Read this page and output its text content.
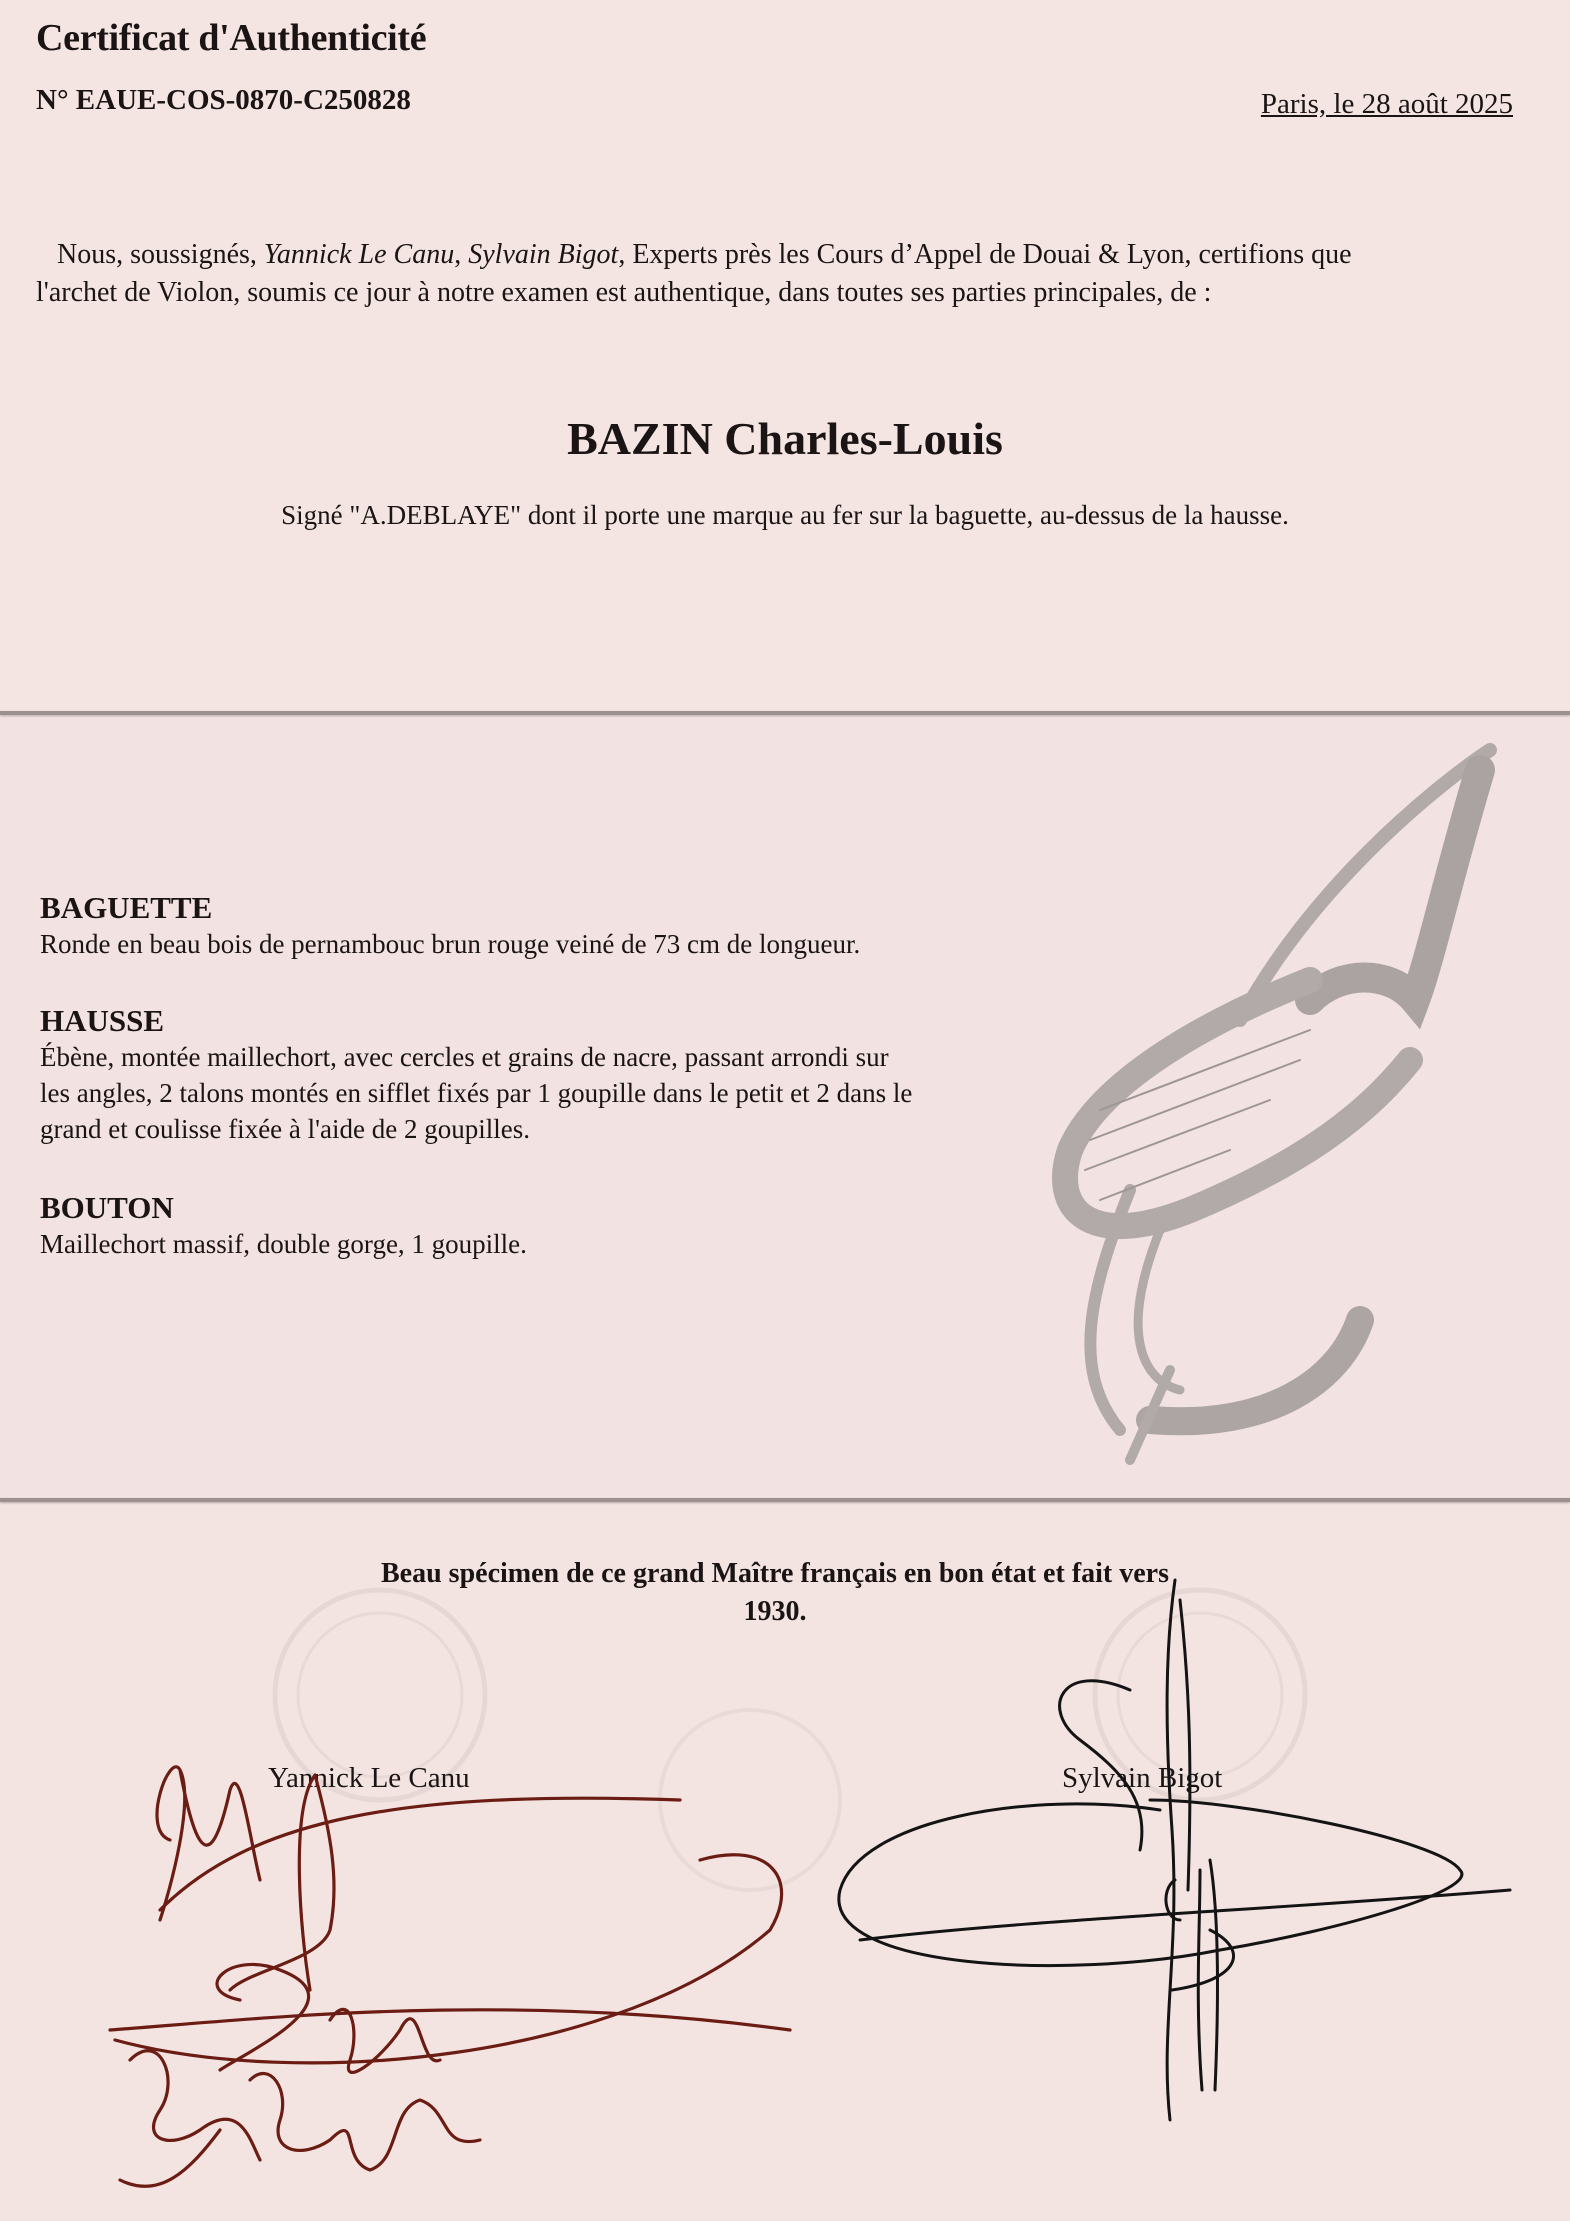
Certificat d'Authenticité
N° EAUE-COS-0870-C250828	Paris, le 28 août 2025

Nous, soussignés, Yannick Le Canu, Sylvain Bigot, Experts près les Cours d’Appel de Douai & Lyon, certifions que

l'archet de Violon, soumis ce jour à notre examen est authentique, dans toutes ses parties principales, de :

BAZIN Charles-Louis
Signé "A.DEBLAYE" dont il porte une marque au fer sur la baguette, au-dessus de la hausse.
BAGUETTE

Ronde en beau bois de pernambouc brun rouge veiné de 73 cm de longueur.

HAUSSE

Ébène, montée maillechort, avec cercles et grains de nacre, passant arrondi sur

les angles, 2 talons montés en sifflet fixés par 1 goupille dans le petit et 2 dans le

grand et coulisse fixée à l'aide de 2 goupilles.

BOUTON

Maillechort massif, double gorge, 1 goupille.

Beau spécimen de ce grand Maître français en bon état et fait vers
1930.
Yannick Le Canu	Sylvain Bigot
